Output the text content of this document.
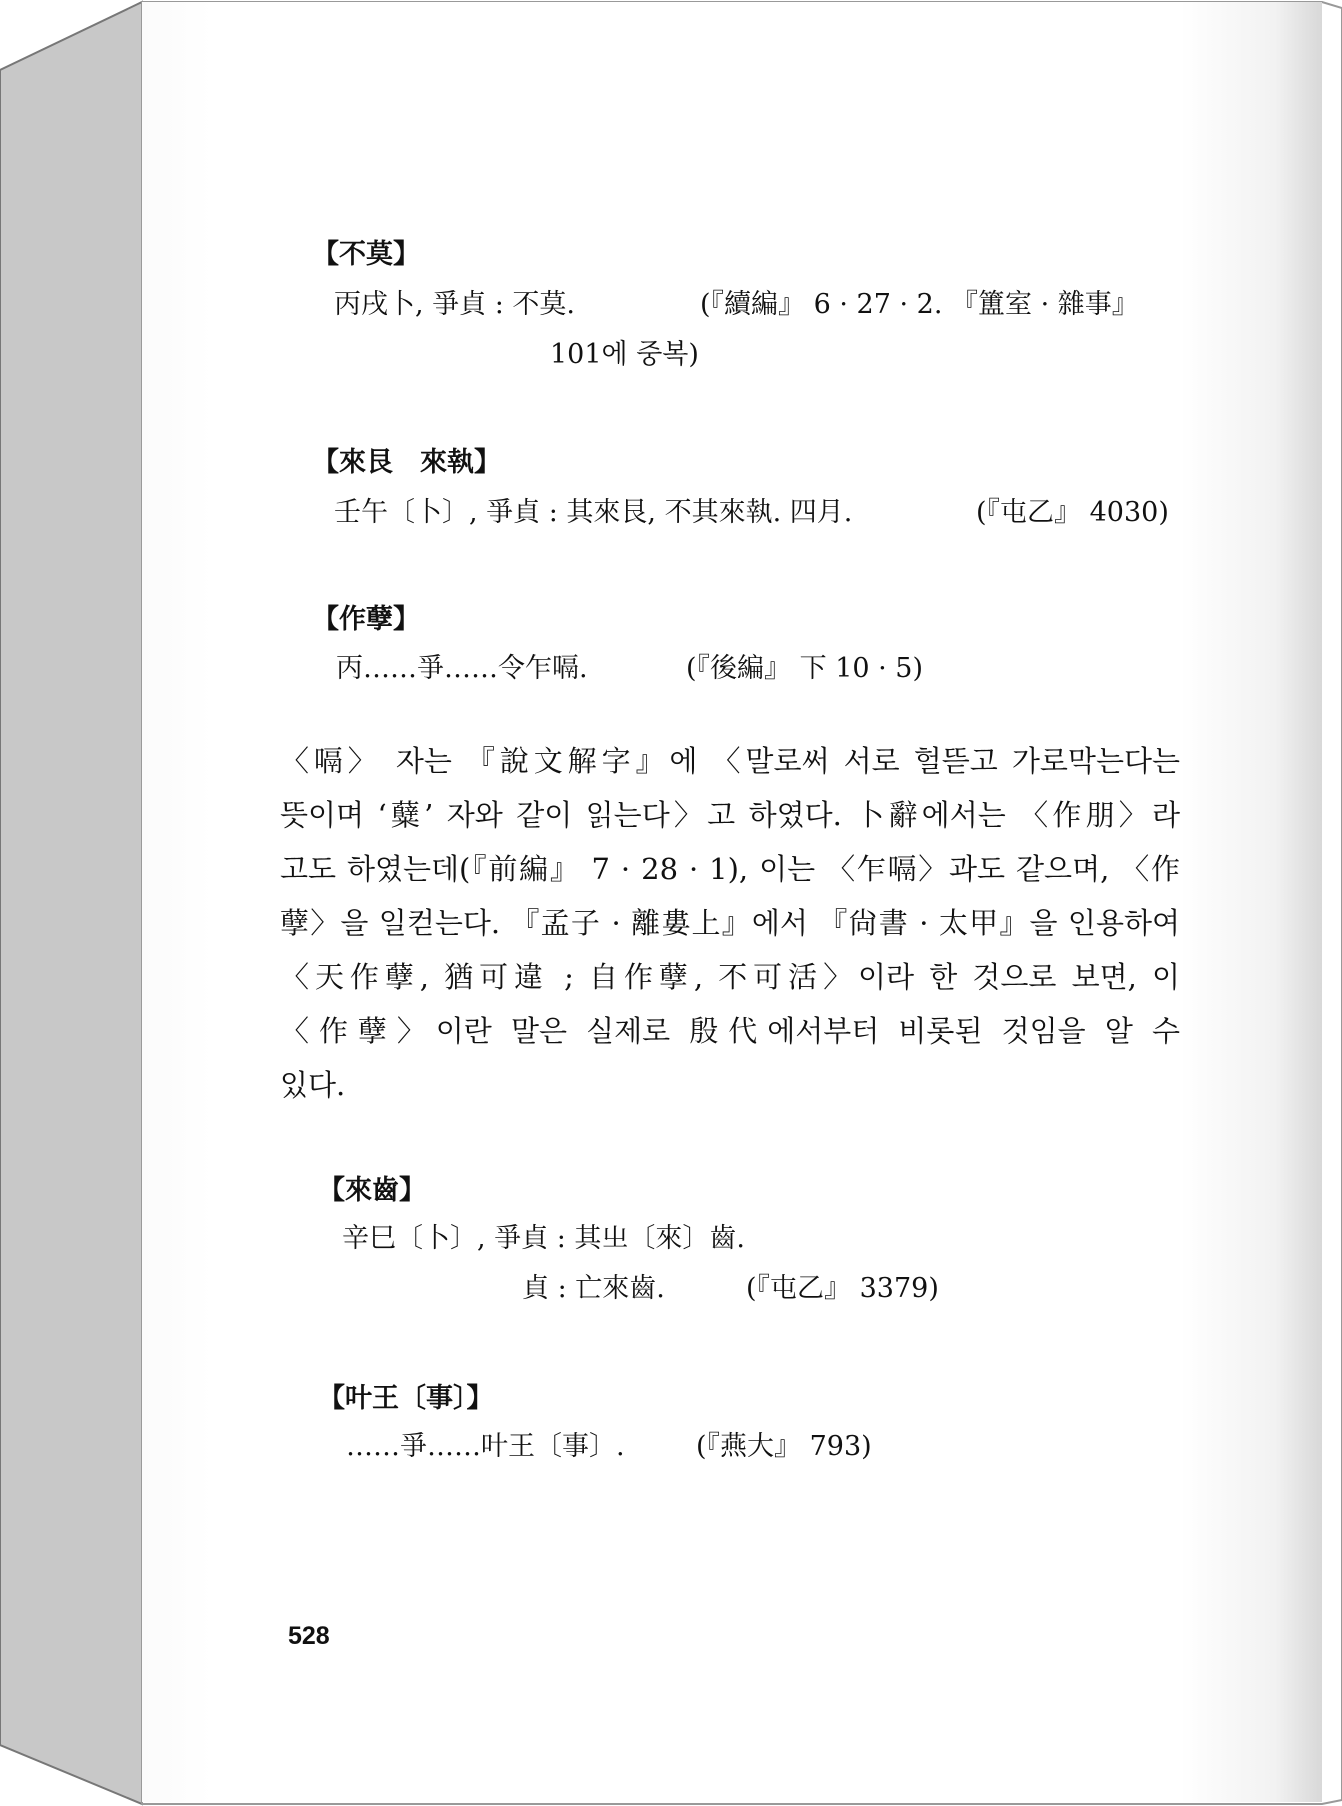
【不莫】
丙戌卜, 爭貞 : 不莫.	(『續編』 6 · 27 · 2. 『簠室 · 雜事』
101에 중복)
【來艮　來執】
壬午〔卜〕, 爭貞 : 其來艮, 不其來執. 四月.	(『屯乙』 4030)
【作孽】
丙……爭……令乍嗝.	(『後編』 下 10 · 5)
〈嗝〉 자는 『說文解字』에 〈말로써 서로 헐뜯고 가로막는다는
뜻이며 ‘糵’ 자와 같이 읽는다〉고 하였다. 卜辭에서는 〈作朋〉라
고도 하였는데(『前編』 7 · 28 · 1), 이는 〈乍嗝〉과도 같으며, 〈作
孽〉을 일컫는다. 『孟子 · 離婁上』에서 『尙書 · 太甲』을 인용하여
〈天作孽, 猶可違 ; 自作孽, 不可活〉이라 한 것으로 보면, 이
〈作孽〉이란 말은 실제로 殷代에서부터 비롯된 것임을 알 수
있다.
【來齒】
辛巳〔卜〕, 爭貞 : 其㞢〔來〕齒.
貞 : 亡來齒.	(『屯乙』 3379)
【叶王〔事〕】
……爭……叶王〔事〕.	(『燕大』 793)
528
